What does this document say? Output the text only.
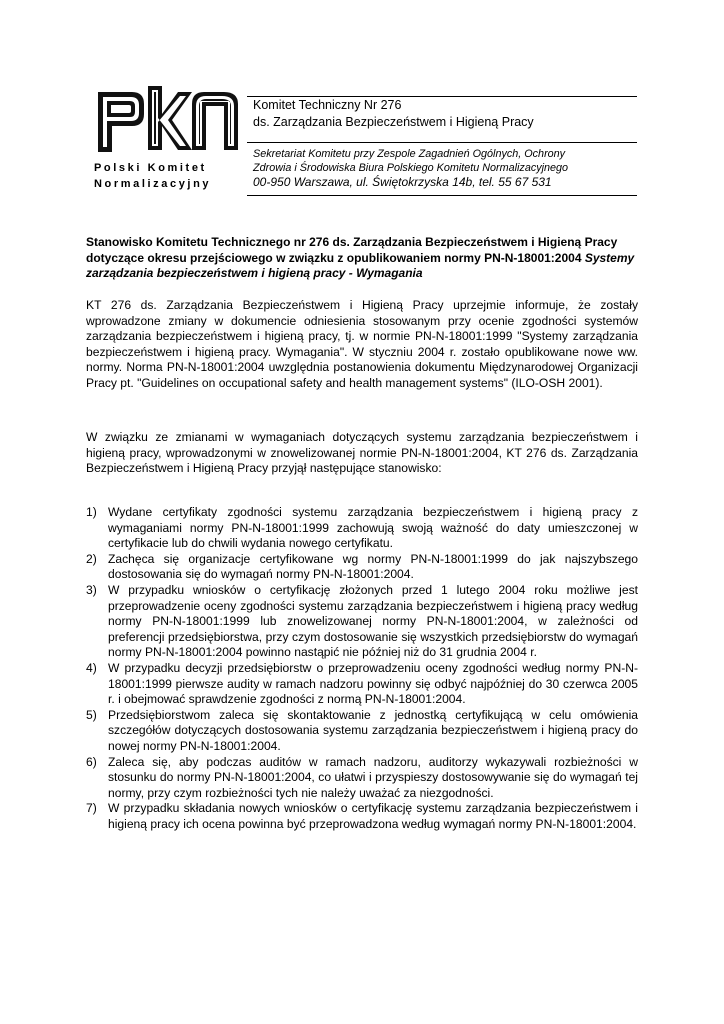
Polski Komitet
Normalizacyjny
Komitet Techniczny Nr 276
ds. Zarządzania Bezpieczeństwem i Higieną Pracy
Sekretariat Komitetu przy Zespole Zagadnień Ogólnych, Ochrony
Zdrowia i Środowiska Biura Polskiego Komitetu Normalizacyjnego
00-950 Warszawa, ul. Świętokrzyska 14b, tel. 55 67 531
Stanowisko Komitetu Technicznego nr 276 ds. Zarządzania Bezpieczeństwem i Higieną Pracy dotyczące okresu przejściowego w związku z opublikowaniem normy PN-N-18001:2004 Systemy zarządzania bezpieczeństwem i higieną pracy - Wymagania
KT 276 ds. Zarządzania Bezpieczeństwem i Higieną Pracy uprzejmie informuje, że zostały wprowadzone zmiany w dokumencie odniesienia stosowanym przy ocenie zgodności systemów zarządzania bezpieczeństwem i higieną pracy, tj. w normie PN-N-18001:1999 "Systemy zarządzania bezpieczeństwem i higieną pracy. Wymagania". W styczniu 2004 r. zostało opublikowane nowe ww. normy. Norma PN-N-18001:2004 uwzględnia postanowienia dokumentu Międzynarodowej Organizacji Pracy pt. "Guidelines on occupational safety and health management systems" (ILO-OSH 2001).
W związku ze zmianami w wymaganiach dotyczących systemu zarządzania bezpieczeństwem i higieną pracy, wprowadzonymi w znowelizowanej normie PN-N-18001:2004, KT 276 ds. Zarządzania Bezpieczeństwem i Higieną Pracy przyjął następujące stanowisko:
1) Wydane certyfikaty zgodności systemu zarządzania bezpieczeństwem i higieną pracy z wymaganiami normy PN-N-18001:1999 zachowują swoją ważność do daty umieszczonej w certyfikacie lub do chwili wydania nowego certyfikatu.
2) Zachęca się organizacje certyfikowane wg normy PN-N-18001:1999 do jak najszybszego dostosowania się do wymagań normy PN-N-18001:2004.
3) W przypadku wniosków o certyfikację złożonych przed 1 lutego 2004 roku możliwe jest przeprowadzenie oceny zgodności systemu zarządzania bezpieczeństwem i higieną pracy według normy PN-N-18001:1999 lub znowelizowanej normy PN-N-18001:2004, w zależności od preferencji przedsiębiorstwa, przy czym dostosowanie się wszystkich przedsiębiorstw do wymagań normy PN-N-18001:2004 powinno nastąpić nie później niż do 31 grudnia 2004 r.
4) W przypadku decyzji przedsiębiorstw o przeprowadzeniu oceny zgodności według normy PN-N-18001:1999 pierwsze audity w ramach nadzoru powinny się odbyć najpóźniej do 30 czerwca 2005 r. i obejmować sprawdzenie zgodności z normą PN-N-18001:2004.
5) Przedsiębiorstwom zaleca się skontaktowanie z jednostką certyfikującą w celu omówienia szczegółów dotyczących dostosowania systemu zarządzania bezpieczeństwem i higieną pracy do nowej normy PN-N-18001:2004.
6) Zaleca się, aby podczas auditów w ramach nadzoru, auditorzy wykazywali rozbieżności w stosunku do normy PN-N-18001:2004, co ułatwi i przyspieszy dostosowywanie się do wymagań tej normy, przy czym rozbieżności tych nie należy uważać za niezgodności.
7) W przypadku składania nowych wniosków o certyfikację systemu zarządzania bezpieczeństwem i higieną pracy ich ocena powinna być przeprowadzona według wymagań normy PN-N-18001:2004.
